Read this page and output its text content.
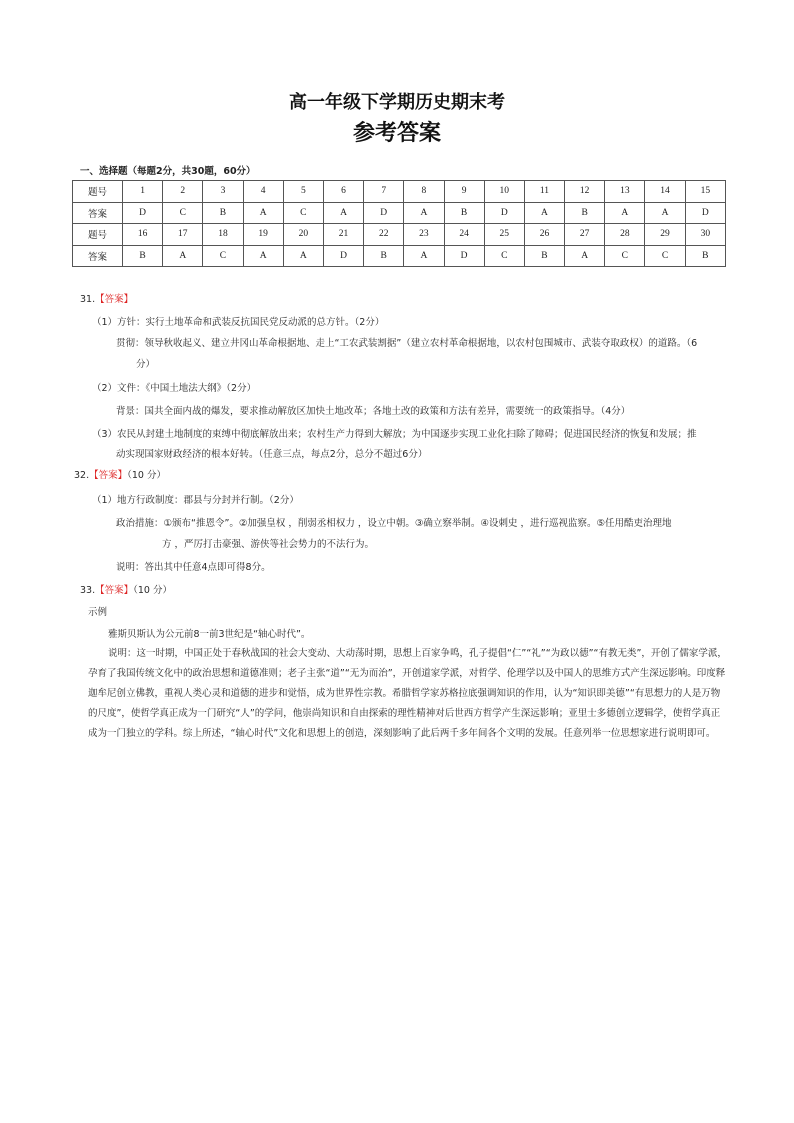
高一年级下学期历史期末考
参考答案
一、选择题（每题2分，共30题，60分）
题号	1	2	3	4	5	6	7	8	9	10	11	12	13	14	15
答案	D	C	B	A	C	A	D	A	B	D	A	B	A	A	D
题号	16	17	18	19	20	21	22	23	24	25	26	27	28	29	30
答案	B	A	C	A	A	D	B	A	D	C	B	A	C	C	B
31.【答案】
（1）方针：实行土地革命和武装反抗国民党反动派的总方针。（2分）
贯彻：领导秋收起义、建立井冈山革命根据地、走上“工农武装割据”（建立农村革命根据地，以农村包围城市、武装夺取政权）的道路。（6
分）
（2）文件：《中国土地法大纲》（2分）
背景：国共全面内战的爆发，要求推动解放区加快土地改革；各地土改的政策和方法有差异，需要统一的政策指导。（4分）
（3）农民从封建土地制度的束缚中彻底解放出来；农村生产力得到大解放；为中国逐步实现工业化扫除了障碍；促进国民经济的恢复和发展；推
动实现国家财政经济的根本好转。（任意三点，每点2分，总分不超过6分）
32.【答案】（10 分）
（1）地方行政制度：郡县与分封并行制。（2分）
政治措施：①颁布“推恩令”。②加强皇权 ，削弱丞相权力 ，设立中朝。③确立察举制。④设刺史 ，进行巡视监察。⑤任用酷吏治理地
方 ，严厉打击豪强、游侠等社会势力的不法行为。
说明：答出其中任意4点即可得8分。
33.【答案】（10 分）
示例
雅斯贝斯认为公元前8一前3世纪是“轴心时代”。
说明：这一时期，中国正处于春秋战国的社会大变动、大动荡时期，思想上百家争鸣，孔子提倡“仁”“礼”“为政以德”“有教无类”，开创了儒家学派，孕育了我国传统文化中的政治思想和道德准则；老子主张“道”“无为而治”，开创道家学派，对哲学、伦理学以及中国人的思维方式产生深远影响。印度释迦牟尼创立佛教，重视人类心灵和道德的进步和觉悟，成为世界性宗教。希腊哲学家苏格拉底强调知识的作用，认为“知识即美德”“有思想力的人是万物的尺度”，使哲学真正成为一门研究“人”的学问，他崇尚知识和自由探索的理性精神对后世西方哲学产生深远影响；亚里士多德创立逻辑学，使哲学真正成为一门独立的学科。综上所述，“轴心时代”文化和思想上的创造，深刻影响了此后两千多年间各个文明的发展。任意列举一位思想家进行说明即可。
